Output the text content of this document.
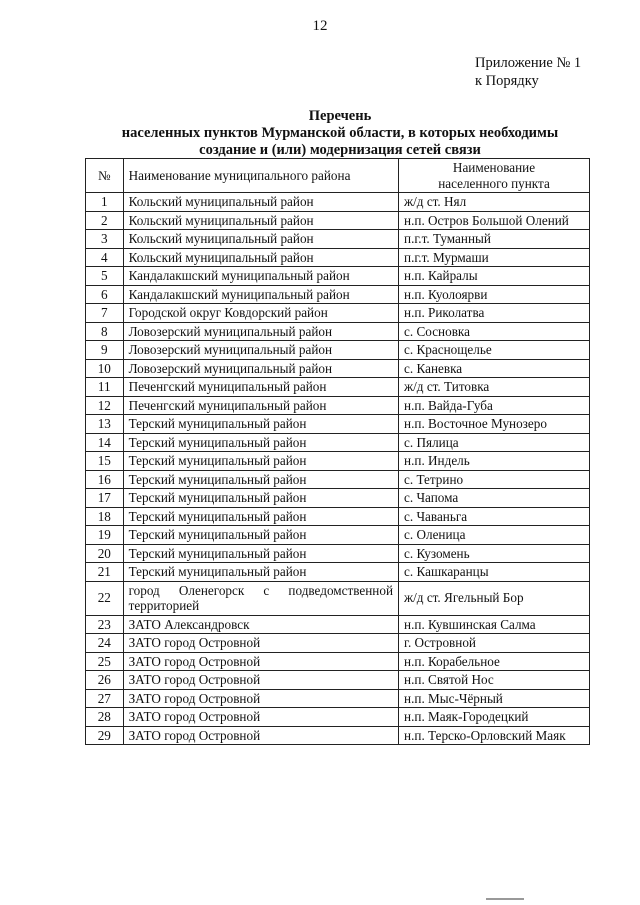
12
Приложение № 1
к Порядку
Перечень
населенных пунктов Мурманской области, в которых необходимы
создание и (или) модернизация сетей связи
№	Наименование муниципального района	Наименование
населенного пункта

1	Кольский муниципальный район	ж/д ст. Нял
2	Кольский муниципальный район	н.п. Остров Большой Олений
3	Кольский муниципальный район	п.г.т. Туманный
4	Кольский муниципальный район	п.г.т. Мурмаши
5	Кандалакшский муниципальный район	н.п. Кайралы
6	Кандалакшский муниципальный район	н.п. Куолоярви
7	Городской округ Ковдорский район	н.п. Риколатва
8	Ловозерский муниципальный район	с. Сосновка
9	Ловозерский муниципальный район	с. Краснощелье
10	Ловозерский муниципальный район	с. Каневка
11	Печенгский муниципальный район	ж/д ст. Титовка
12	Печенгский муниципальный район	н.п. Вайда-Губа
13	Терский муниципальный район	н.п. Восточное Мунозеро
14	Терский муниципальный район	с. Пялица
15	Терский муниципальный район	н.п. Индель
16	Терский муниципальный район	с. Тетрино
17	Терский муниципальный район	с. Чапома
18	Терский муниципальный район	с. Чаваньга
19	Терский муниципальный район	с. Оленица
20	Терский муниципальный район	с. Кузомень
21	Терский муниципальный район	с. Кашкаранцы
22	город Оленегорск с подведомственной территорией	ж/д ст. Ягельный Бор
23	ЗАТО Александровск	н.п. Кувшинская Салма
24	ЗАТО город Островной	г. Островной
25	ЗАТО город Островной	н.п. Корабельное
26	ЗАТО город Островной	н.п. Святой Нос
27	ЗАТО город Островной	н.п. Мыс-Чёрный
28	ЗАТО город Островной	н.п. Маяк-Городецкий
29	ЗАТО город Островной	н.п. Терско-Орловский Маяк
